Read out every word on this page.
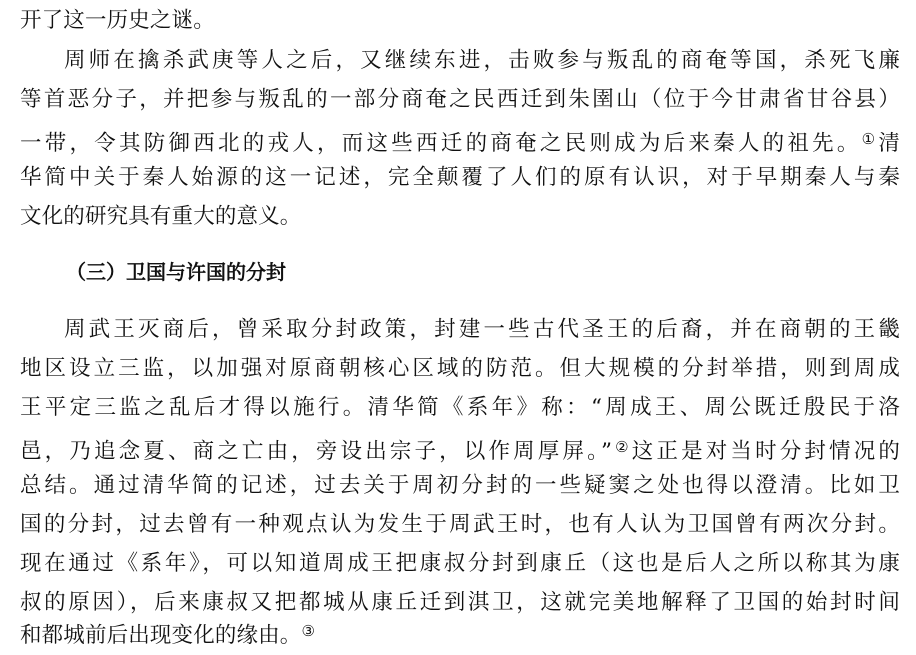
开了这一历史之谜。
周师在擒杀武庚等人之后，又继续东进，击败参与叛乱的商奄等国，杀死飞廉
等首恶分子，并把参与叛乱的一部分商奄之民西迁到朱圉山（位于今甘肃省甘谷县）
一带，令其防御西北的戎人，而这些西迁的商奄之民则成为后来秦人的祖先。①清
华简中关于秦人始源的这一记述，完全颠覆了人们的原有认识，对于早期秦人与秦
文化的研究具有重大的意义。
（三）卫国与许国的分封
周武王灭商后，曾采取分封政策，封建一些古代圣王的后裔，并在商朝的王畿
地区设立三监，以加强对原商朝核心区域的防范。但大规模的分封举措，则到周成
王平定三监之乱后才得以施行。清华简《系年》称：“周成王、周公既迁殷民于洛
邑，乃追念夏、商之亡由，旁设出宗子，以作周厚屏。”②这正是对当时分封情况的
总结。通过清华简的记述，过去关于周初分封的一些疑窦之处也得以澄清。比如卫
国的分封，过去曾有一种观点认为发生于周武王时，也有人认为卫国曾有两次分封。
现在通过《系年》，可以知道周成王把康叔分封到康丘（这也是后人之所以称其为康
叔的原因），后来康叔又把都城从康丘迁到淇卫，这就完美地解释了卫国的始封时间
和都城前后出现变化的缘由。③
